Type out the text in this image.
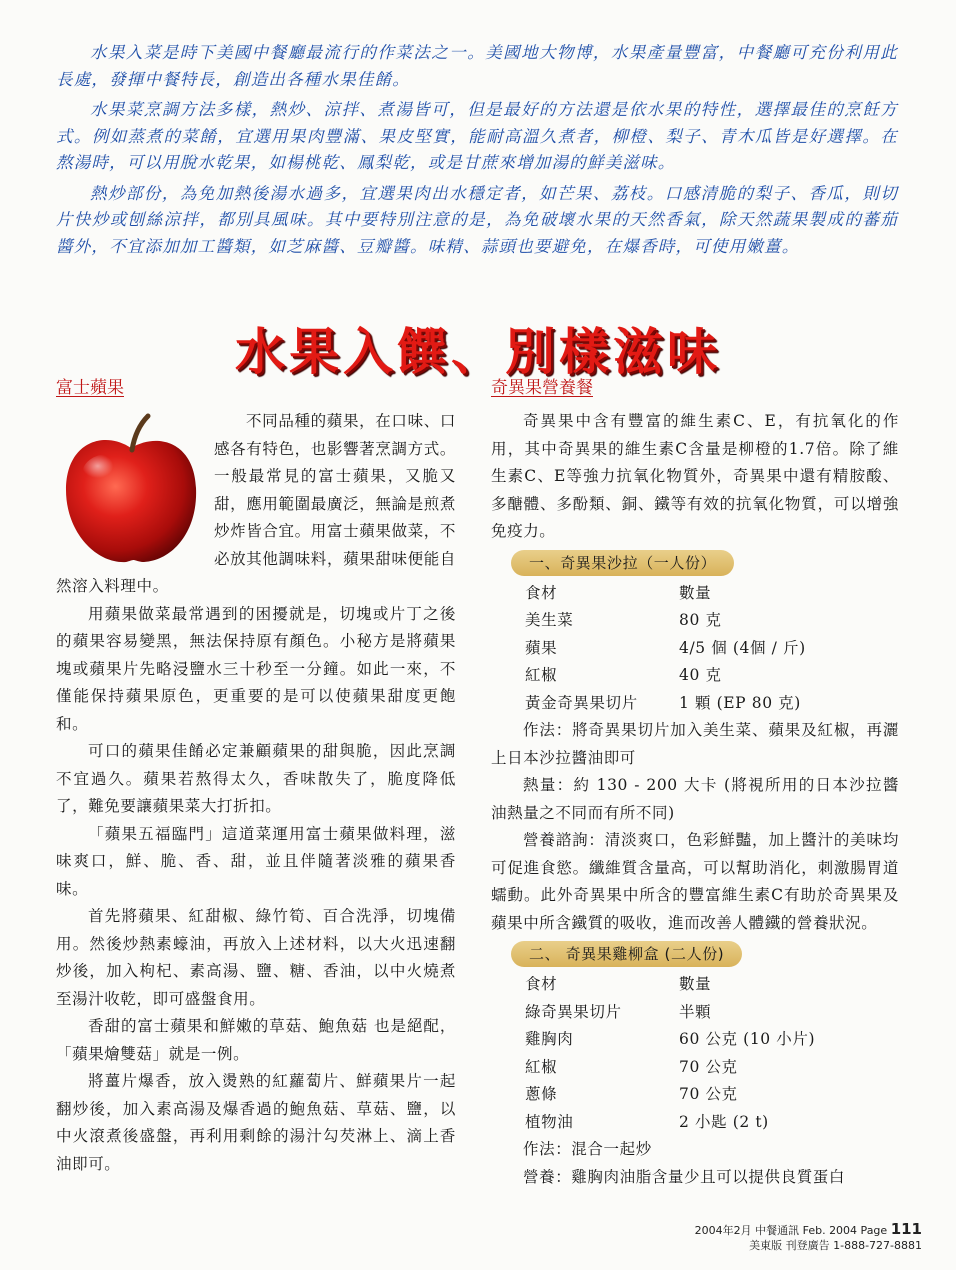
水果入菜是時下美國中餐廳最流行的作菜法之一。美國地大物博，水果產量豐富，中餐廳可充份利用此長處，發揮中餐特長，創造出各種水果佳餚。

水果菜烹調方法多樣，熱炒、涼拌、煮湯皆可，但是最好的方法還是依水果的特性，選擇最佳的烹飪方式。例如蒸煮的菜餚，宜選用果肉豐滿、果皮堅實，能耐高溫久煮者，柳橙、梨子、青木瓜皆是好選擇。在熬湯時，可以用脫水乾果，如楊桃乾、鳳梨乾，或是甘蔗來增加湯的鮮美滋味。

熱炒部份，為免加熱後湯水過多，宜選果肉出水穩定者，如芒果、荔枝。口感清脆的梨子、香瓜，則切片快炒或刨絲涼拌，都別具風味。其中要特別注意的是，為免破壞水果的天然香氣，除天然蔬果製成的蕃茄醬外，不宜添加加工醬類，如芝麻醬、豆瓣醬。味精、蒜頭也要避免，在爆香時，可使用嫩薑。

水果入饌、別樣滋味
富士蘋果

不同品種的蘋果，在口味、口感各有特色，也影響著烹調方式。一般最常見的富士蘋果，又脆又甜，應用範圍最廣泛，無論是煎煮炒炸皆合宜。用富士蘋果做菜，不必放其他調味料，蘋果甜味便能自然溶入料理中。

用蘋果做菜最常遇到的困擾就是，切塊或片丁之後的蘋果容易變黑，無法保持原有顏色。小秘方是將蘋果塊或蘋果片先略浸鹽水三十秒至一分鐘。如此一來，不僅能保持蘋果原色，更重要的是可以使蘋果甜度更飽和。

可口的蘋果佳餚必定兼顧蘋果的甜與脆，因此烹調不宜過久。蘋果若熬得太久，香味散失了，脆度降低了，難免要讓蘋果菜大打折扣。

「蘋果五福臨門」這道菜運用富士蘋果做料理，滋味爽口，鮮、脆、香、甜，並且伴隨著淡雅的蘋果香味。

首先將蘋果、紅甜椒、綠竹筍、百合洗淨，切塊備用。然後炒熱素蠔油，再放入上述材料，以大火迅速翻炒後，加入枸杞、素高湯、鹽、糖、香油，以中火燒煮至湯汁收乾，即可盛盤食用。

香甜的富士蘋果和鮮嫩的草菇、鮑魚菇 也是絕配，「蘋果燴雙菇」就是一例。

將薑片爆香，放入燙熟的紅蘿蔔片、鮮蘋果片一起翻炒後，加入素高湯及爆香過的鮑魚菇、草菇、鹽，以中火滾煮後盛盤，再利用剩餘的湯汁勾芡淋上、滴上香油即可。

奇異果營養餐

奇異果中含有豐富的維生素C、E，有抗氧化的作用，其中奇異果的維生素C含量是柳橙的1.7倍。除了維生素C、E等強力抗氧化物質外，奇異果中還有精胺酸、多醣體、多酚類、銅、鐵等有效的抗氧化物質，可以增強免疫力。

一、奇異果沙拉（一人份）
食材	數量
美生菜	80 克
蘋果	4/5 個 (4個 / 斤)
紅椒	40 克
黃金奇異果切片	1 顆 (EP 80 克)

作法：將奇異果切片加入美生菜、蘋果及紅椒，再灑上日本沙拉醬油即可

熱量：約 130 - 200 大卡 (將視所用的日本沙拉醬油熱量之不同而有所不同)

營養諮詢：清淡爽口，色彩鮮豔，加上醬汁的美味均可促進食慾。纖維質含量高，可以幫助消化，刺激腸胃道蠕動。此外奇異果中所含的豐富維生素C有助於奇異果及蘋果中所含鐵質的吸收，進而改善人體鐵的營養狀況。

二、 奇異果雞柳盒 (二人份)
食材	數量
綠奇異果切片	半顆
雞胸肉	60 公克 (10 小片)
紅椒	70 公克
蔥條	70 公克
植物油	2 小匙 (2 t)

作法：混合一起炒

營養：雞胸肉油脂含量少且可以提供良質蛋白

2004年2月 中餐通訊 Feb. 2004 Page 111
美東版 刊登廣告 1-888-727-8881
